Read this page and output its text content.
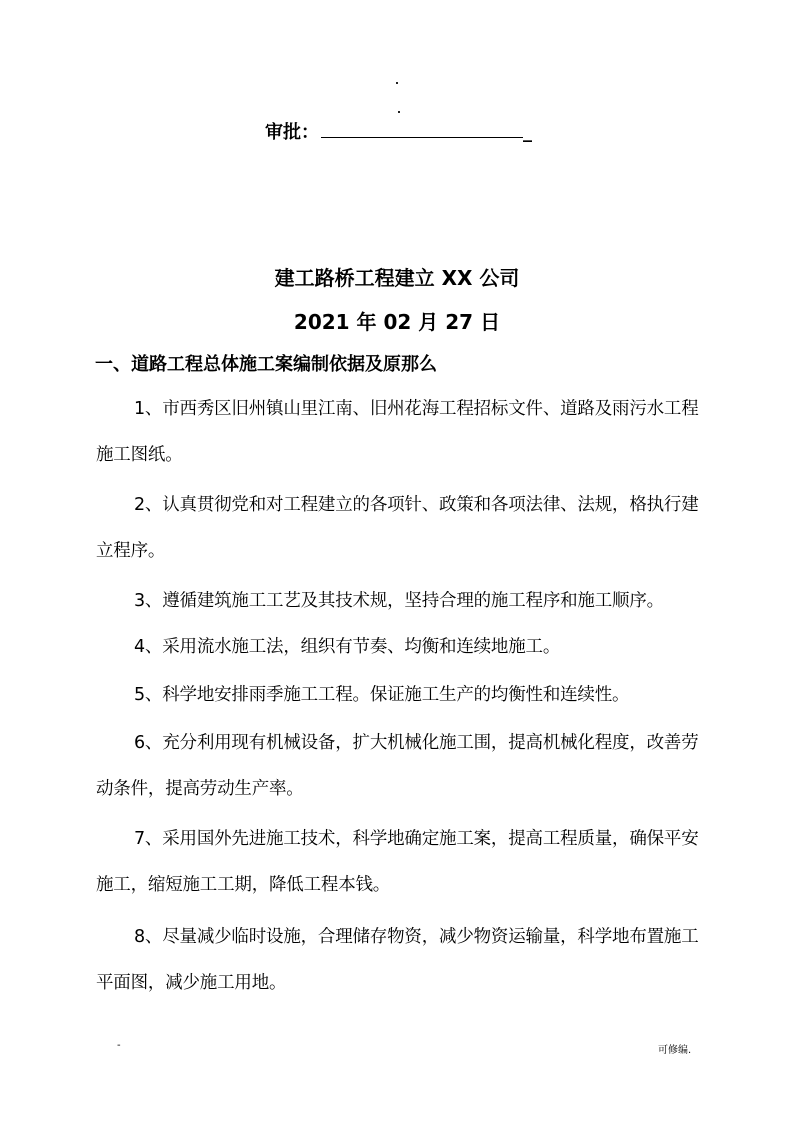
审批：	_
建工路桥工程建立 XX 公司
2021 年 02 月 27 日
一、道路工程总体施工案编制依据及原那么

1、市西秀区旧州镇山里江南、旧州花海工程招标文件、道路及雨污水工程施工图纸。

2、认真贯彻党和对工程建立的各项针、政策和各项法律、法规，格执行建立程序。

3、遵循建筑施工工艺及其技术规，坚持合理的施工程序和施工顺序。

4、采用流水施工法，组织有节奏、均衡和连续地施工。

5、科学地安排雨季施工工程。保证施工生产的均衡性和连续性。

6、充分利用现有机械设备，扩大机械化施工围，提高机械化程度，改善劳动条件，提高劳动生产率。

7、采用国外先进施工技术，科学地确定施工案，提高工程质量，确保平安施工，缩短施工工期，降低工程本钱。

8、尽量减少临时设施，合理储存物资，减少物资运输量，科学地布置施工平面图，减少施工用地。

-	可修编.
